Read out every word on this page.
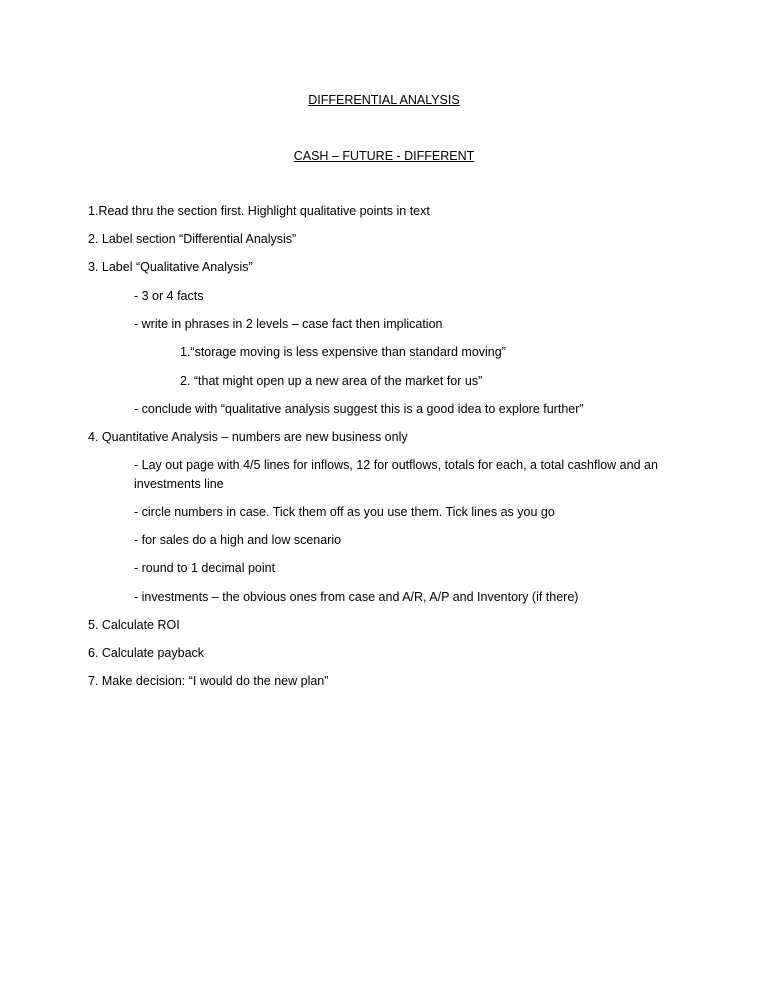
DIFFERENTIAL ANALYSIS
CASH – FUTURE - DIFFERENT
1.Read thru the section first. Highlight qualitative points in text
2. Label section “Differential Analysis”
3. Label “Qualitative Analysis”
- 3 or 4 facts
- write in phrases in 2 levels – case fact then implication
1.“storage moving is less expensive than standard moving”
2. “that might open up a new area of the market for us”
- conclude with “qualitative analysis suggest this is a good idea to explore further”
4. Quantitative Analysis – numbers are new business only
- Lay out page with 4/5 lines for inflows, 12 for outflows, totals for each, a total cashflow and an investments line
- circle numbers in case. Tick them off as you use them. Tick lines as you go
- for sales do a high and low scenario
- round to 1 decimal point
- investments – the obvious ones from case and A/R, A/P and Inventory (if there)
5. Calculate ROI
6. Calculate payback
7. Make decision: “I would do the new plan”
